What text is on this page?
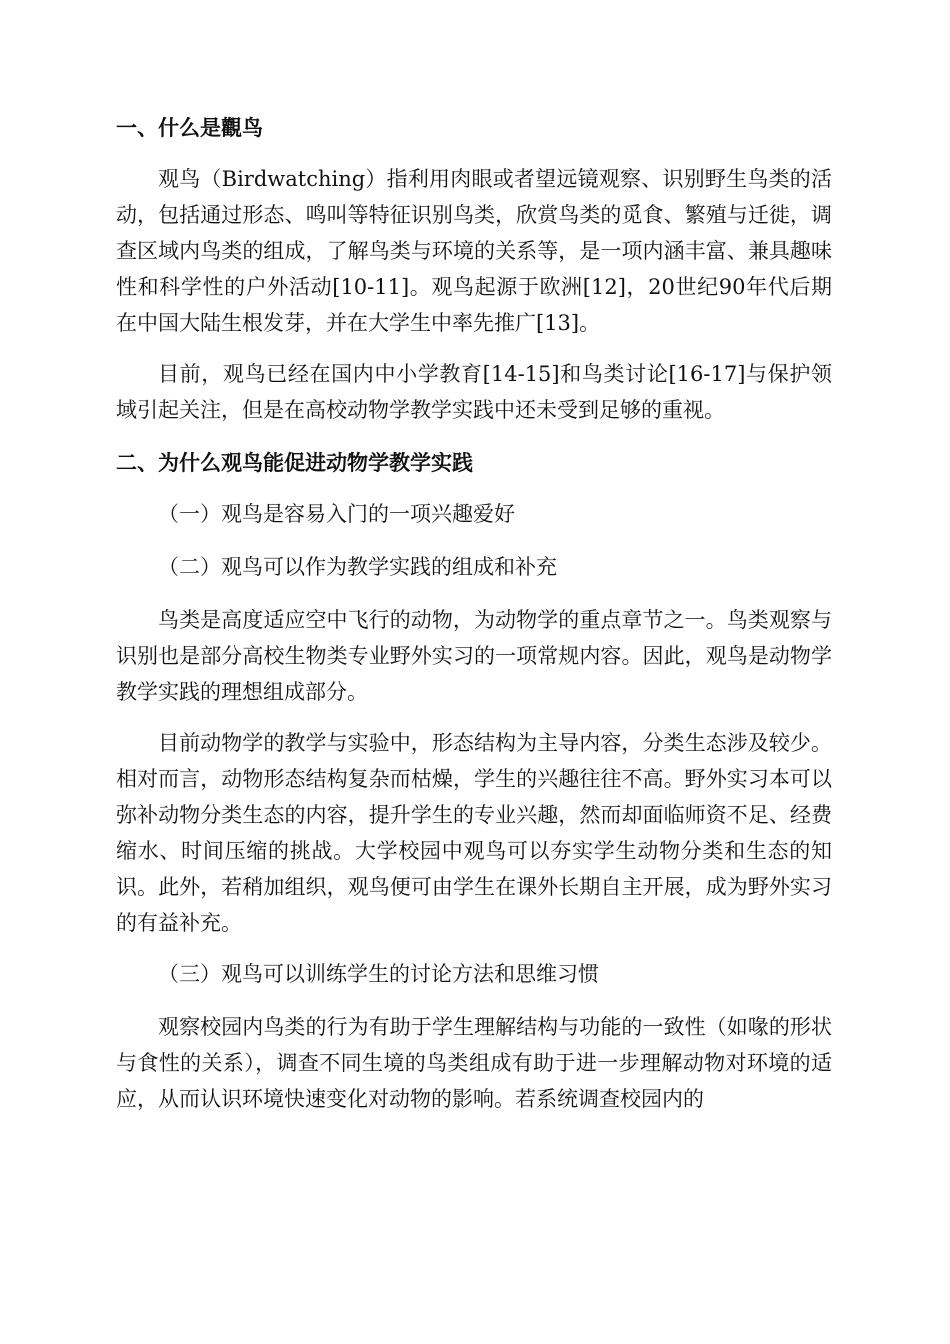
一、什么是觀鸟

观鸟（Birdwatching）指利用肉眼或者望远镜观察、识别野生鸟类的活动，包括通过形态、鸣叫等特征识别鸟类，欣赏鸟类的觅食、繁殖与迁徙，调查区域内鸟类的组成，了解鸟类与环境的关系等，是一项内涵丰富、兼具趣味性和科学性的户外活动[10-11]。观鸟起源于欧洲[12]，20世纪90年代后期在中国大陆生根发芽，并在大学生中率先推广[13]。

目前，观鸟已经在国内中小学教育[14-15]和鸟类讨论[16-17]与保护领域引起关注，但是在高校动物学教学实践中还未受到足够的重视。

二、为什么观鸟能促进动物学教学实践
（一）观鸟是容易入门的一项兴趣爱好
（二）观鸟可以作为教学实践的组成和补充

鸟类是高度适应空中飞行的动物，为动物学的重点章节之一。鸟类观察与识别也是部分高校生物类专业野外实习的一项常规内容。因此，观鸟是动物学教学实践的理想组成部分。

目前动物学的教学与实验中，形态结构为主导内容，分类生态涉及较少。相对而言，动物形态结构复杂而枯燥，学生的兴趣往往不高。野外实习本可以弥补动物分类生态的内容，提升学生的专业兴趣，然而却面临师资不足、经费缩水、时间压缩的挑战。大学校园中观鸟可以夯实学生动物分类和生态的知识。此外，若稍加组织，观鸟便可由学生在课外长期自主开展，成为野外实习的有益补充。

（三）观鸟可以训练学生的讨论方法和思维习惯

观察校园内鸟类的行为有助于学生理解结构与功能的一致性（如喙的形状与食性的关系），调查不同生境的鸟类组成有助于进一步理解动物对环境的适应，从而认识环境快速变化对动物的影响。若系统调查校园内的
